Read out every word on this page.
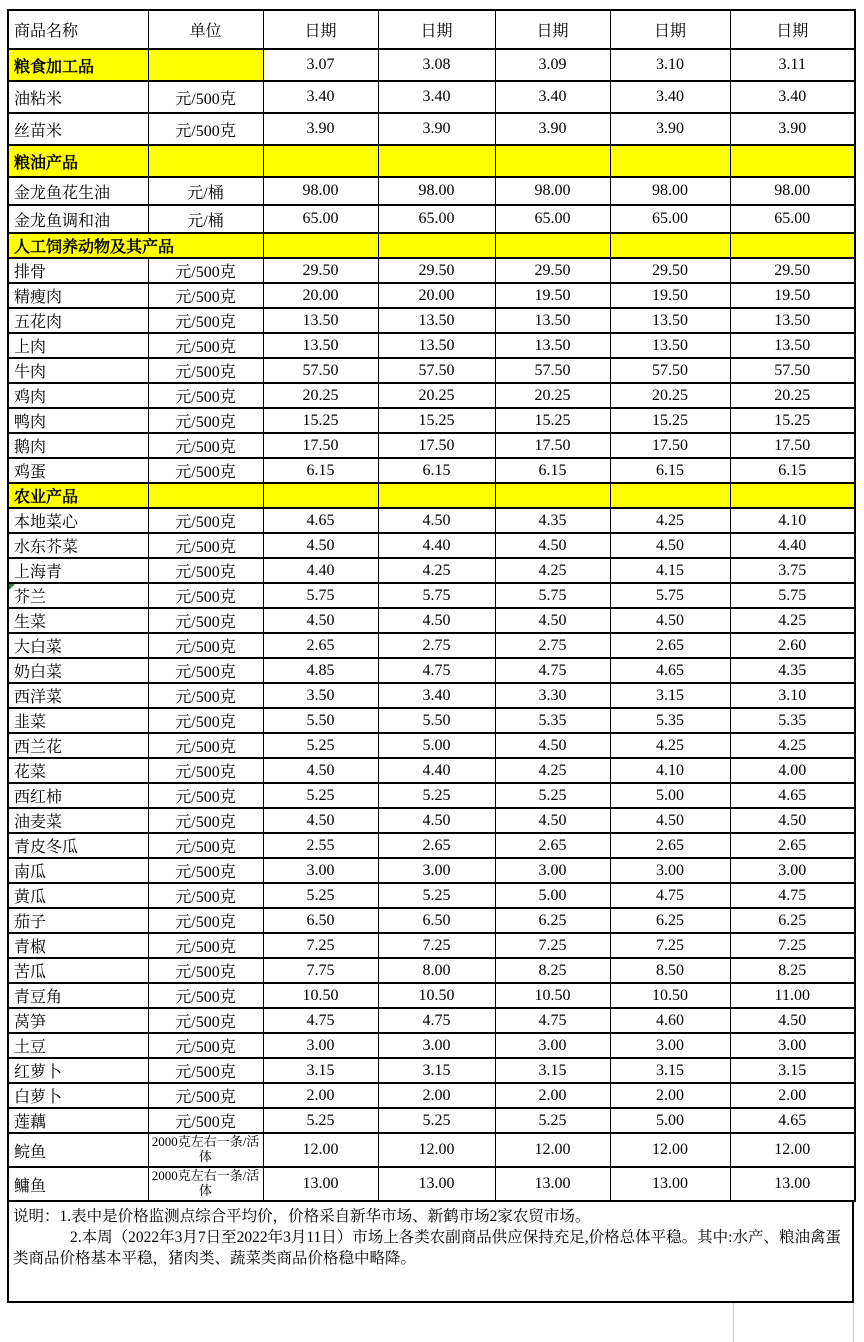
商品名称	单位	日期	日期	日期	日期	日期
粮食加工品		3.07	3.08	3.09	3.10	3.11
油粘米	元/500克	3.40	3.40	3.40	3.40	3.40
丝苗米	元/500克	3.90	3.90	3.90	3.90	3.90
粮油产品						
金龙鱼花生油	元/桶	98.00	98.00	98.00	98.00	98.00
金龙鱼调和油	元/桶	65.00	65.00	65.00	65.00	65.00
人工饲养动物及其产品						
排骨	元/500克	29.50	29.50	29.50	29.50	29.50
精瘦肉	元/500克	20.00	20.00	19.50	19.50	19.50
五花肉	元/500克	13.50	13.50	13.50	13.50	13.50
上肉	元/500克	13.50	13.50	13.50	13.50	13.50
牛肉	元/500克	57.50	57.50	57.50	57.50	57.50
鸡肉	元/500克	20.25	20.25	20.25	20.25	20.25
鸭肉	元/500克	15.25	15.25	15.25	15.25	15.25
鹅肉	元/500克	17.50	17.50	17.50	17.50	17.50
鸡蛋	元/500克	6.15	6.15	6.15	6.15	6.15
农业产品						
本地菜心	元/500克	4.65	4.50	4.35	4.25	4.10
水东芥菜	元/500克	4.50	4.40	4.50	4.50	4.40
上海青	元/500克	4.40	4.25	4.25	4.15	3.75

芥兰	元/500克	5.75	5.75	5.75	5.75	5.75
生菜	元/500克	4.50	4.50	4.50	4.50	4.25
大白菜	元/500克	2.65	2.75	2.75	2.65	2.60
奶白菜	元/500克	4.85	4.75	4.75	4.65	4.35
西洋菜	元/500克	3.50	3.40	3.30	3.15	3.10
韭菜	元/500克	5.50	5.50	5.35	5.35	5.35
西兰花	元/500克	5.25	5.00	4.50	4.25	4.25
花菜	元/500克	4.50	4.40	4.25	4.10	4.00
西红柿	元/500克	5.25	5.25	5.25	5.00	4.65
油麦菜	元/500克	4.50	4.50	4.50	4.50	4.50
青皮冬瓜	元/500克	2.55	2.65	2.65	2.65	2.65
南瓜	元/500克	3.00	3.00	3.00	3.00	3.00
黄瓜	元/500克	5.25	5.25	5.00	4.75	4.75
茄子	元/500克	6.50	6.50	6.25	6.25	6.25
青椒	元/500克	7.25	7.25	7.25	7.25	7.25
苦瓜	元/500克	7.75	8.00	8.25	8.50	8.25
青豆角	元/500克	10.50	10.50	10.50	10.50	11.00
莴笋	元/500克	4.75	4.75	4.75	4.60	4.50
土豆	元/500克	3.00	3.00	3.00	3.00	3.00
红萝卜	元/500克	3.15	3.15	3.15	3.15	3.15
白萝卜	元/500克	2.00	2.00	2.00	2.00	2.00
莲藕	元/500克	5.25	5.25	5.25	5.00	4.65
鲩鱼	2000克左右一条/活体	12.00	12.00	12.00	12.00	12.00
鳙鱼	2000克左右一条/活体	13.00	13.00	13.00	13.00	13.00

说明：1.表中是价格监测点综合平均价，价格采自新华市场、新鹤市场2家农贸市场。

2.本周（2022年3月7日至2022年3月11日）市场上各类农副商品供应保持充足,价格总体平稳。其中:水产、粮油禽蛋类商品价格基本平稳，猪肉类、蔬菜类商品价格稳中略降。
